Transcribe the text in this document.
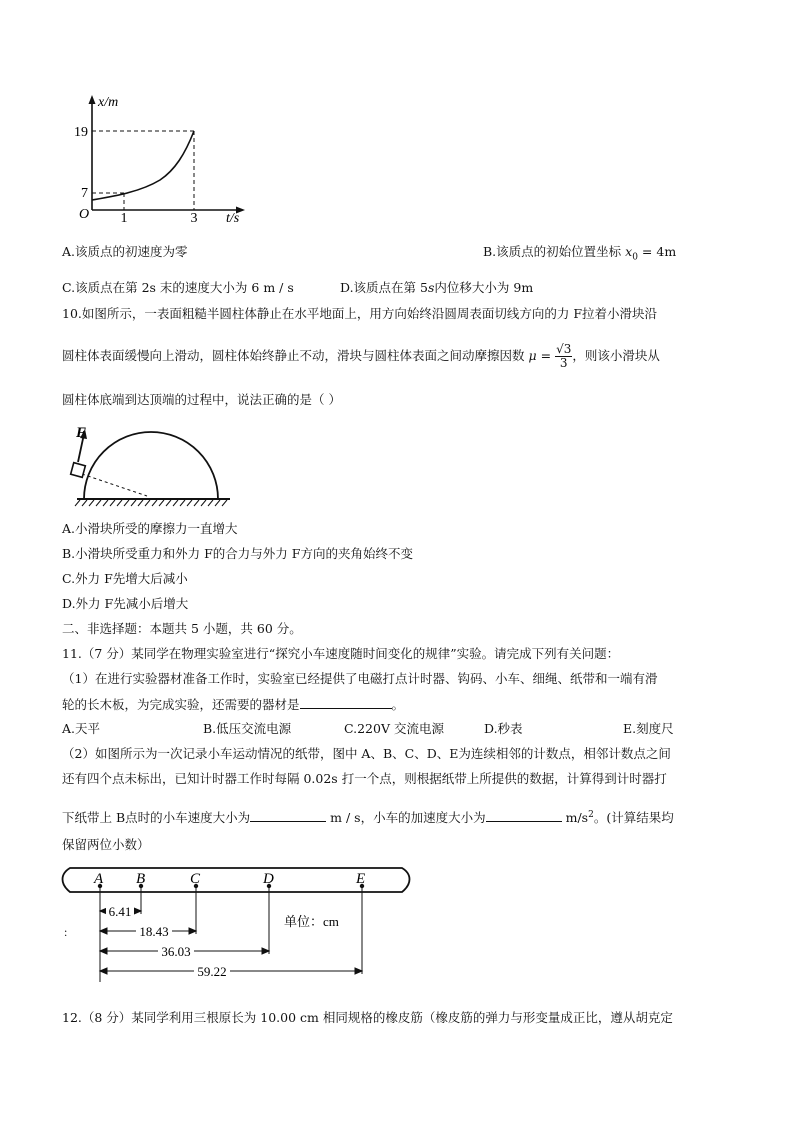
x/m
t/s
O
19
7
1	3
A.该质点的初速度为零	B.该质点的初始位置坐标 $x_0 = 4m$
C.该质点在第 2s 末的速度大小为 6 m / s	D.该质点在第 5s内位移大小为 9m
10.如图所示，一表面粗糙半圆柱体静止在水平地面上，用方向始终沿圆周表面切线方向的力 F拉着小滑块沿
圆柱体表面缓慢向上滑动，圆柱体始终静止不动，滑块与圆柱体表面之间动摩擦因数 $\mu = \frac{√3}{3}$ ，则该小滑块从
圆柱体底端到达顶端的过程中，说法正确的是（ ）
F
A.小滑块所受的摩擦力一直增大
B.小滑块所受重力和外力 F的合力与外力 F方向的夹角始终不变
C.外力 F先增大后减小
D.外力 F先减小后增大
二、非选择题：本题共 5 小题，共 60 分。
11.（7 分）某同学在物理实验室进行“探究小车速度随时间变化的规律”实验。请完成下列有关问题：
（1）在进行实验器材准备工作时，实验室已经提供了电磁打点计时器、钩码、小车、细绳、纸带和一端有滑
轮的长木板，为完成实验，还需要的器材是	。
A.天平	B.低压交流电源	C.220V 交流电源	D.秒表	E.刻度尺
（2）如图所示为一次记录小车运动情况的纸带，图中 A、B、C、D、E为连续相邻的计数点，相邻计数点之间
还有四个点未标出，已知计时器工作时每隔 0.02s 打一个点，则根据纸带上所提供的数据，计算得到计时器打
下纸带上 B点时的小车速度大小为	m / s，小车的加速度大小为	$m/s^2$。(计算结果均
保留两位小数）
:
A B	C	D	E
单位：cm
6.41
18.43
36.03
59.22
12.（8 分）某同学利用三根原长为 10.00 cm 相同规格的橡皮筋（橡皮筋的弹力与形变量成正比，遵从胡克定
